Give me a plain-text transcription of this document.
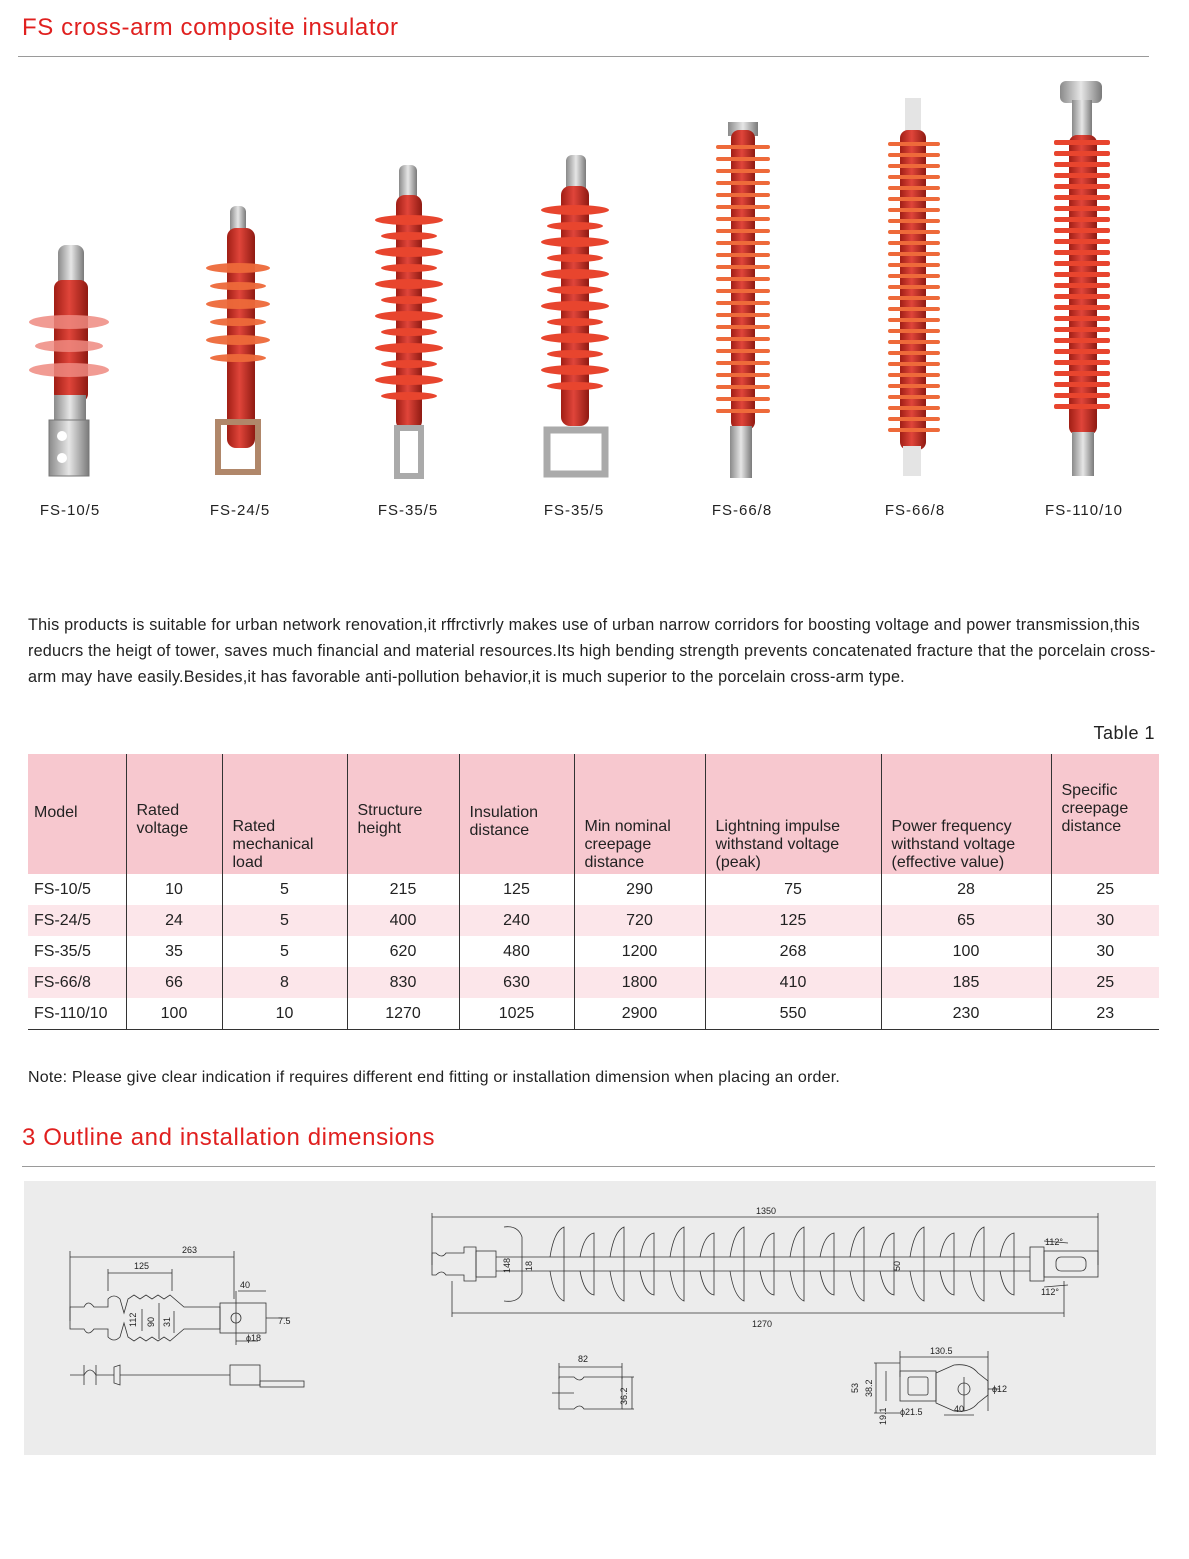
FS cross-arm composite insulator
FS-10/5	FS-24/5	FS-35/5	FS-35/5	FS-66/8	FS-66/8	FS-110/10
This products is suitable for urban network renovation,it rffrctivrly makes use of urban narrow corridors for boosting voltage and power transmission,this reducrs the heigt of tower, saves much financial and material resources.Its high bending strength prevents concatenated fracture that the porcelain cross-arm may have easily.Besides,it has favorable anti-pollution behavior,it is much superior to the porcelain cross-arm type.
Table 1
Model	Rated voltage	Rated mechanical load	Structure height	Insulation distance	Min nominal creepage distance	Lightning impulse withstand voltage (peak)	Power frequency withstand voltage (effective value)	Specific creepage distance
FS-10/5	10	5	215	125	290	75	28	25
FS-24/5	24	5	400	240	720	125	65	30
FS-35/5	35	5	620	480	1200	268	100	30
FS-66/8	66	8	830	630	1800	410	185	25
FS-110/10	100	10	1270	1025	2900	550	230	23
Note: Please give clear indication if requires different end fitting or installation dimension when placing an order.
3 Outline and installation dimensions
263
125
40
112 90 31	7.5
ϕ18
1350
1270
148 18	50
112°
112°
82
36.2
130.5
53 38.2
19.1 ϕ21.5	40
ϕ12
